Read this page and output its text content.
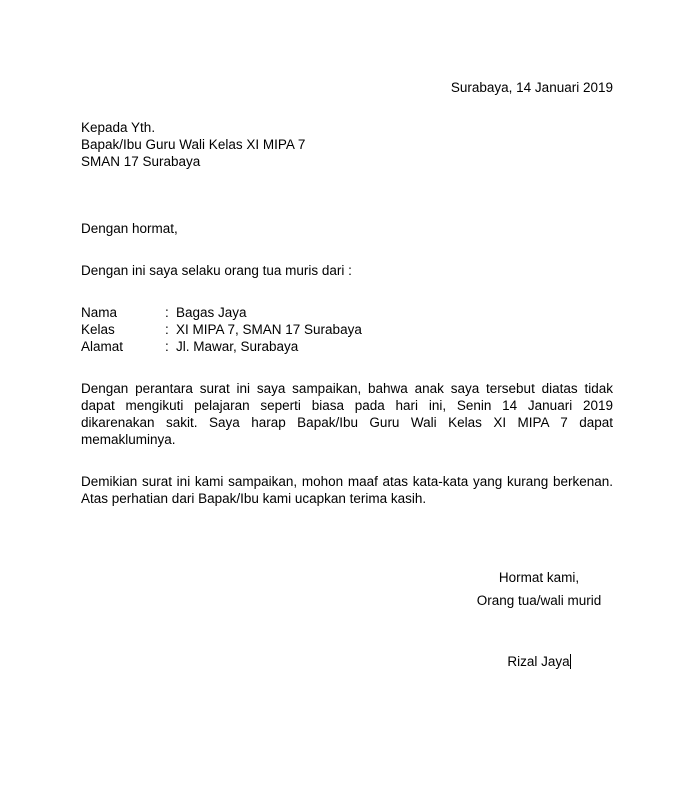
Surabaya, 14 Januari 2019
Kepada Yth.
Bapak/Ibu Guru Wali Kelas XI MIPA 7
SMAN 17 Surabaya
Dengan hormat,
Dengan ini saya selaku orang tua muris dari :
Nama	:	Bagas Jaya
Kelas	:	XI MIPA 7, SMAN 17 Surabaya
Alamat	:	Jl. Mawar, Surabaya
Dengan perantara surat ini saya sampaikan, bahwa anak saya tersebut diatas tidak dapat mengikuti pelajaran seperti biasa pada hari ini, Senin 14 Januari 2019 dikarenakan sakit. Saya harap Bapak/Ibu Guru Wali Kelas XI MIPA 7 dapat memakluminya.
Demikian surat ini kami sampaikan, mohon maaf atas kata-kata yang kurang berkenan. Atas perhatian dari Bapak/Ibu kami ucapkan terima kasih.
Hormat kami,
Orang tua/wali murid
Rizal Jaya
